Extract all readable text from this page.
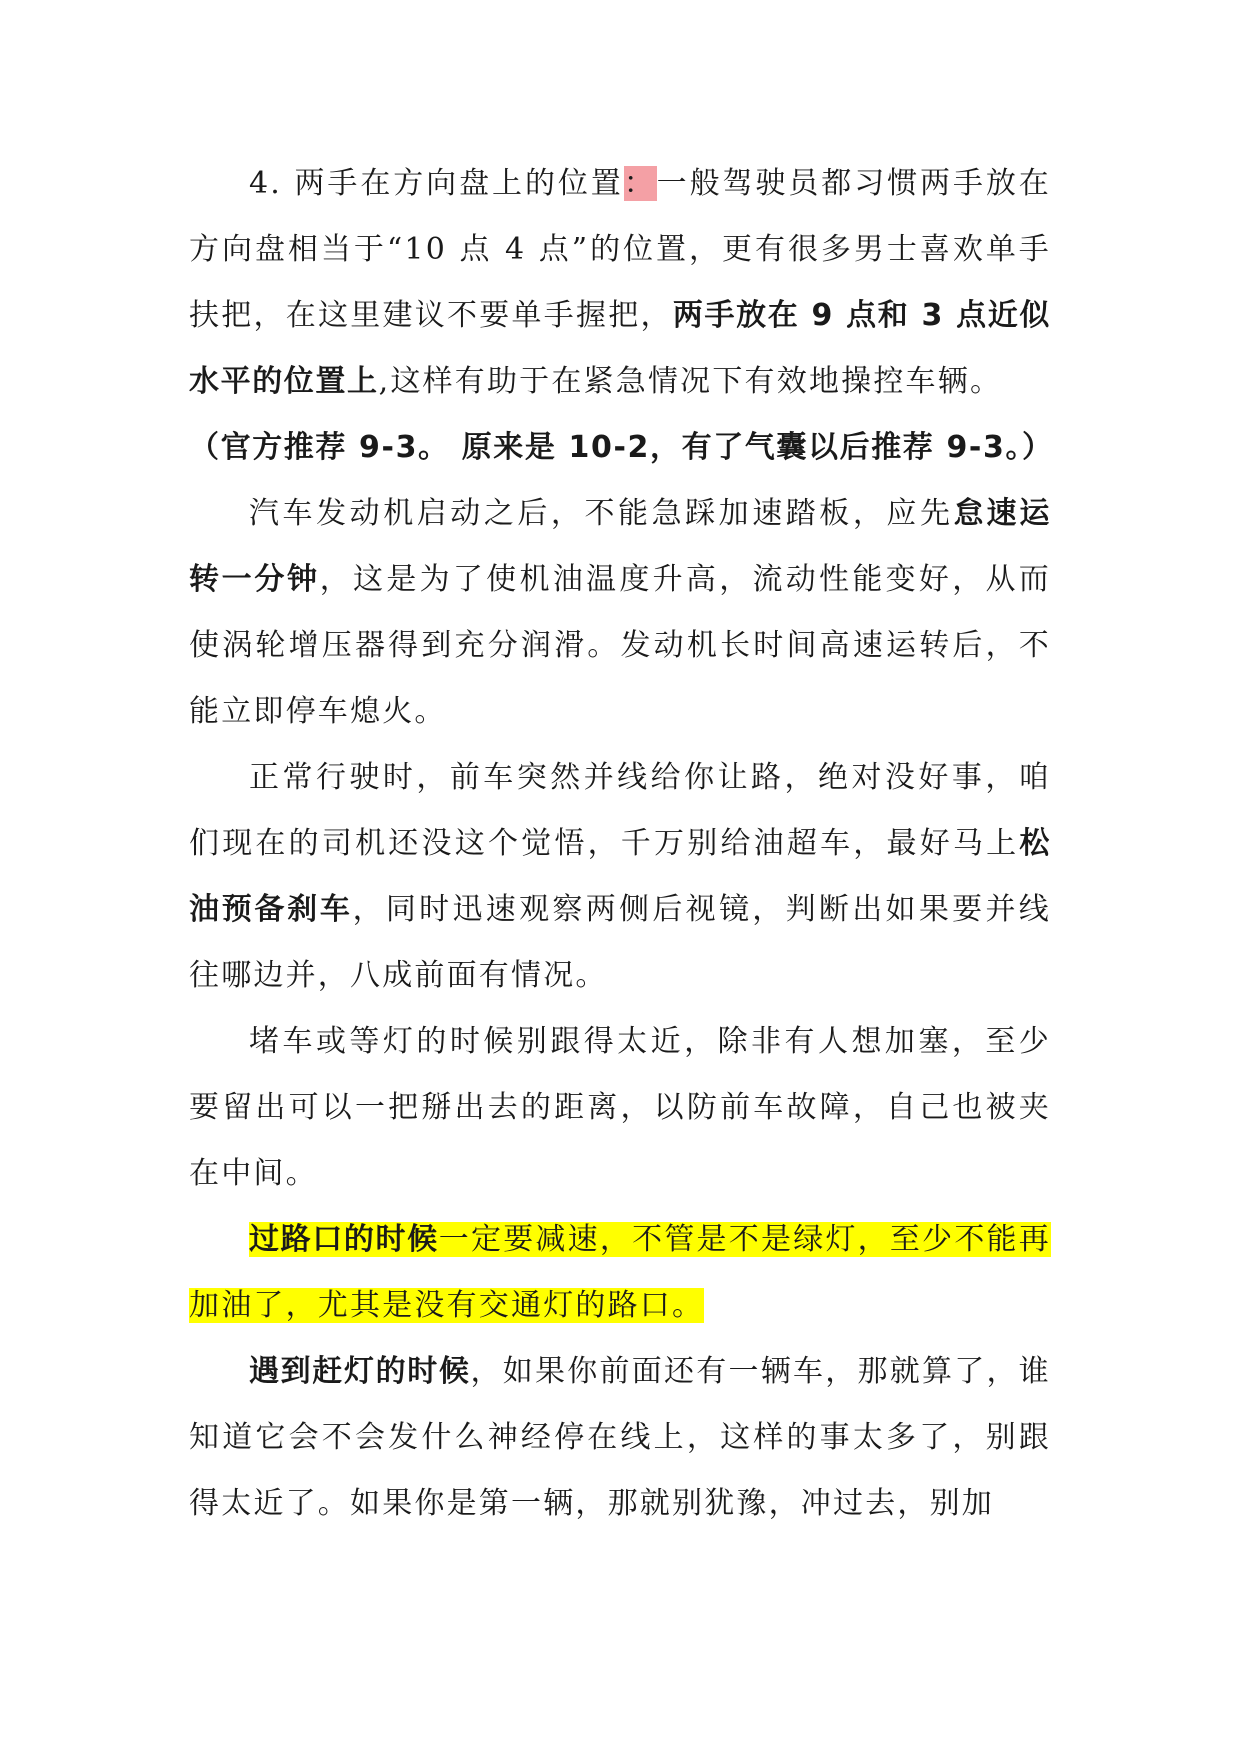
4. 两手在方向盘上的位置：一般驾驶员都习惯两手放在方向盘相当于“10 点 4 点”的位置，更有很多男士喜欢单手扶把，在这里建议不要单手握把，两手放在 9 点和 3 点近似水平的位置上,这样有助于在紧急情况下有效地操控车辆。

（官方推荐 9-3。 原来是 10-2，有了气囊以后推荐 9-3。）

汽车发动机启动之后，不能急踩加速踏板，应先怠速运转一分钟，这是为了使机油温度升高，流动性能变好，从而使涡轮增压器得到充分润滑。发动机长时间高速运转后，不能立即停车熄火。

正常行驶时，前车突然并线给你让路，绝对没好事，咱们现在的司机还没这个觉悟，千万别给油超车，最好马上松油预备刹车，同时迅速观察两侧后视镜，判断出如果要并线往哪边并，八成前面有情况。

堵车或等灯的时候别跟得太近，除非有人想加塞，至少要留出可以一把掰出去的距离，以防前车故障，自己也被夹在中间。

过路口的时候一定要减速，不管是不是绿灯，至少不能再加油了，尤其是没有交通灯的路口。

遇到赶灯的时候，如果你前面还有一辆车，那就算了，谁知道它会不会发什么神经停在线上，这样的事太多了，别跟得太近了。如果你是第一辆，那就别犹豫，冲过去，别加
